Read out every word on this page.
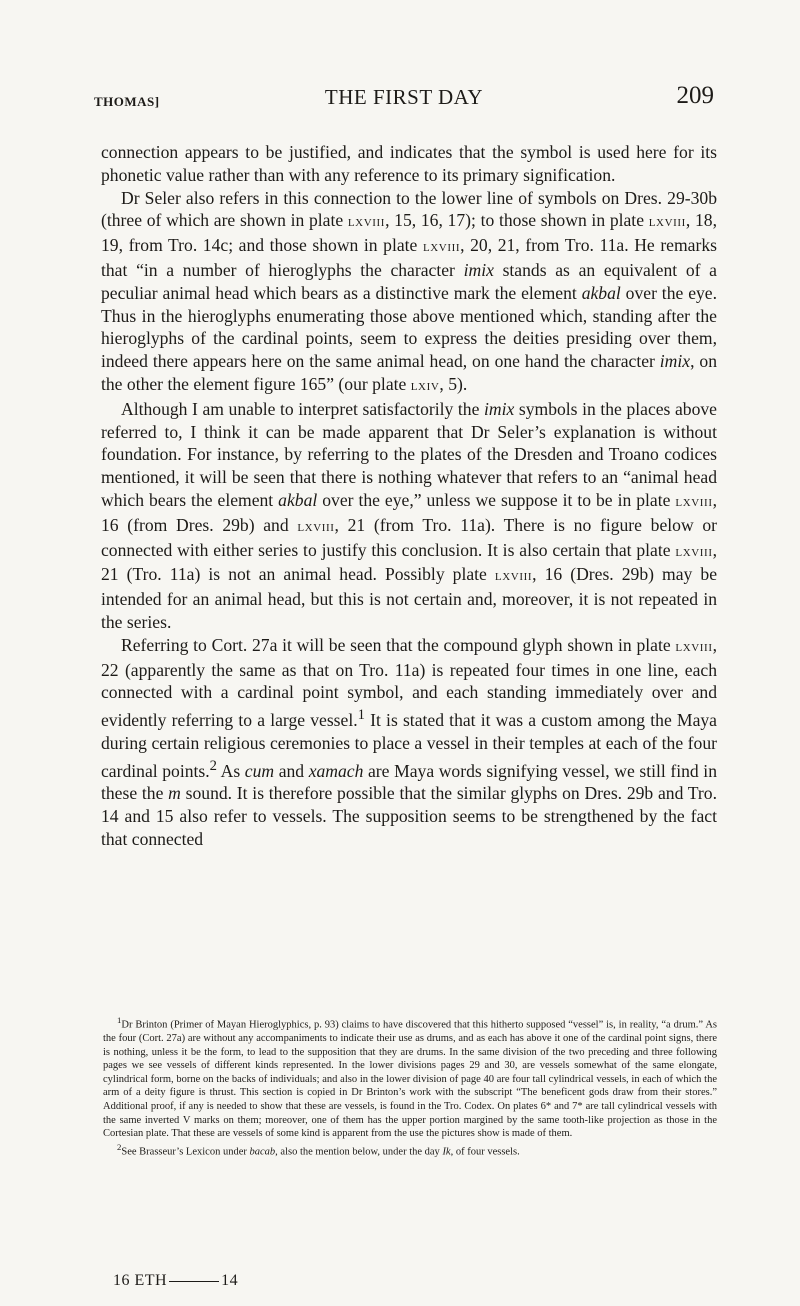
THOMAS]	THE FIRST DAY	209

connection appears to be justified, and indicates that the symbol is used here for its phonetic value rather than with any reference to its primary signification.

Dr Seler also refers in this connection to the lower line of symbols on Dres. 29-30b (three of which are shown in plate lxviii, 15, 16, 17); to those shown in plate lxviii, 18, 19, from Tro. 14c; and those shown in plate lxviii, 20, 21, from Tro. 11a. He remarks that “in a number of hieroglyphs the character imix stands as an equivalent of a peculiar animal head which bears as a distinctive mark the element akbal over the eye. Thus in the hieroglyphs enumerating those above mentioned which, standing after the hieroglyphs of the cardinal points, seem to express the deities presiding over them, indeed there appears here on the same animal head, on one hand the character imix, on the other the element figure 165” (our plate lxiv, 5).

Although I am unable to interpret satisfactorily the imix symbols in the places above referred to, I think it can be made apparent that Dr Seler’s explanation is without foundation. For instance, by referring to the plates of the Dresden and Troano codices mentioned, it will be seen that there is nothing whatever that refers to an “animal head which bears the element akbal over the eye,” unless we suppose it to be in plate lxviii, 16 (from Dres. 29b) and lxviii, 21 (from Tro. 11a). There is no figure below or connected with either series to justify this conclusion. It is also certain that plate lxviii, 21 (Tro. 11a) is not an animal head. Possibly plate lxviii, 16 (Dres. 29b) may be intended for an animal head, but this is not certain and, moreover, it is not repeated in the series.

Referring to Cort. 27a it will be seen that the compound glyph shown in plate lxviii, 22 (apparently the same as that on Tro. 11a) is repeated four times in one line, each connected with a cardinal point symbol, and each standing immediately over and evidently referring to a large vessel.$^1$ It is stated that it was a custom among the Maya during certain religious ceremonies to place a vessel in their temples at each of the four cardinal points.$^2$ As cum and xamach are Maya words signifying vessel, we still find in these the m sound. It is therefore possible that the similar glyphs on Dres. 29b and Tro. 14 and 15 also refer to vessels. The supposition seems to be strengthened by the fact that connected

$^1$Dr Brinton (Primer of Mayan Hieroglyphics, p. 93) claims to have discovered that this hitherto supposed “vessel” is, in reality, “a drum.” As the four (Cort. 27a) are without any accompaniments to indicate their use as drums, and as each has above it one of the cardinal point signs, there is nothing, unless it be the form, to lead to the supposition that they are drums. In the same division of the two preceding and three following pages we see vessels of different kinds represented. In the lower divisions pages 29 and 30, are vessels somewhat of the same elongate, cylindrical form, borne on the backs of individuals; and also in the lower division of page 40 are four tall cylindrical vessels, in each of which the arm of a deity figure is thrust. This section is copied in Dr Brinton’s work with the subscript “The beneficent gods draw from their stores.” Additional proof, if any is needed to show that these are vessels, is found in the Tro. Codex. On plates 6* and 7* are tall cylindrical vessels with the same inverted V marks on them; moreover, one of them has the upper portion margined by the same tooth-like projection as those in the Cortesian plate. That these are vessels of some kind is apparent from the use the pictures show is made of them.

$^2$See Brasseur’s Lexicon under bacab, also the mention below, under the day Ik, of four vessels.

16 ETH	14
